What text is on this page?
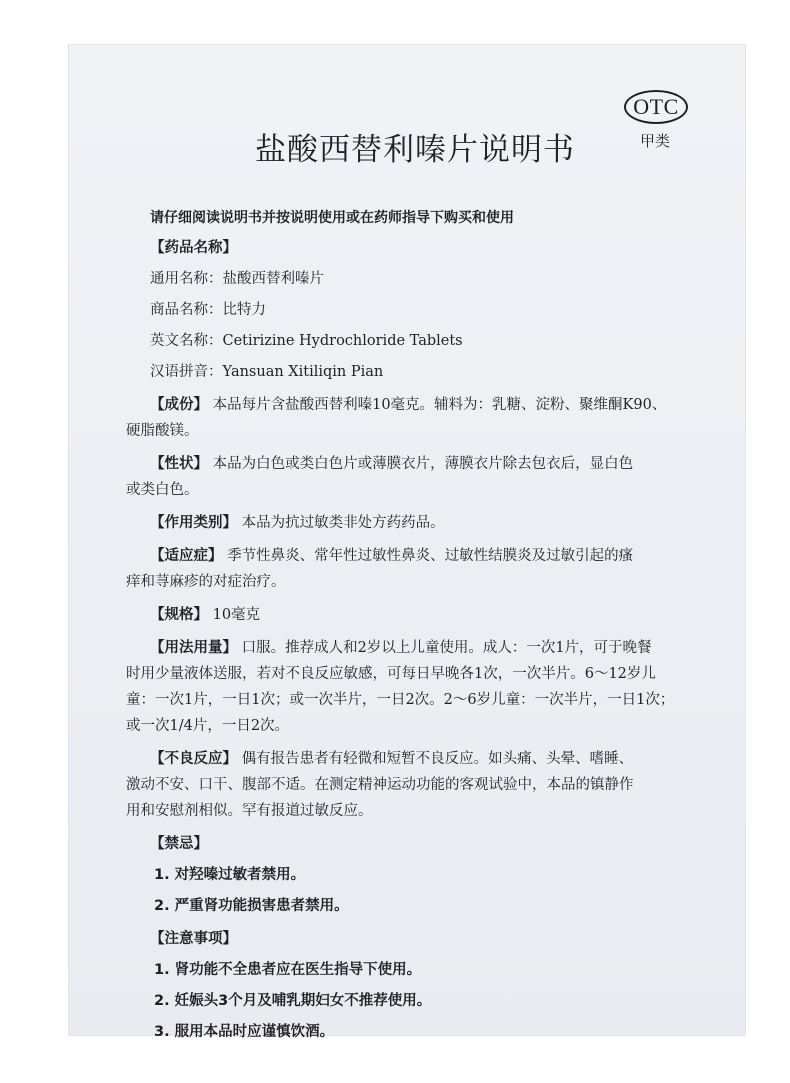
OTC
甲类
盐酸西替利嗪片说明书
请仔细阅读说明书并按说明使用或在药师指导下购买和使用
【药品名称】
通用名称：盐酸西替利嗪片
商品名称：比特力
英文名称：Cetirizine Hydrochloride Tablets
汉语拼音：Yansuan Xitiliqin Pian
【成份】 本品每片含盐酸西替利嗪10毫克。辅料为：乳糖、淀粉、聚维酮K90、
硬脂酸镁。
【性状】 本品为白色或类白色片或薄膜衣片，薄膜衣片除去包衣后，显白色
或类白色。
【作用类别】 本品为抗过敏类非处方药药品。
【适应症】 季节性鼻炎、常年性过敏性鼻炎、过敏性结膜炎及过敏引起的瘙
痒和荨麻疹的对症治疗。
【规格】 10毫克
【用法用量】 口服。推荐成人和2岁以上儿童使用。成人：一次1片，可于晚餐
时用少量液体送服，若对不良反应敏感，可每日早晚各1次，一次半片。6～12岁儿
童：一次1片，一日1次；或一次半片，一日2次。2～6岁儿童：一次半片，一日1次；
或一次1/4片，一日2次。
【不良反应】 偶有报告患者有轻微和短暂不良反应。如头痛、头晕、嗜睡、
激动不安、口干、腹部不适。在测定精神运动功能的客观试验中，本品的镇静作
用和安慰剂相似。罕有报道过敏反应。
【禁忌】
1. 对羟嗪过敏者禁用。
2. 严重肾功能损害患者禁用。
【注意事项】
1. 肾功能不全患者应在医生指导下使用。
2. 妊娠头3个月及哺乳期妇女不推荐使用。
3. 服用本品时应谨慎饮酒。
